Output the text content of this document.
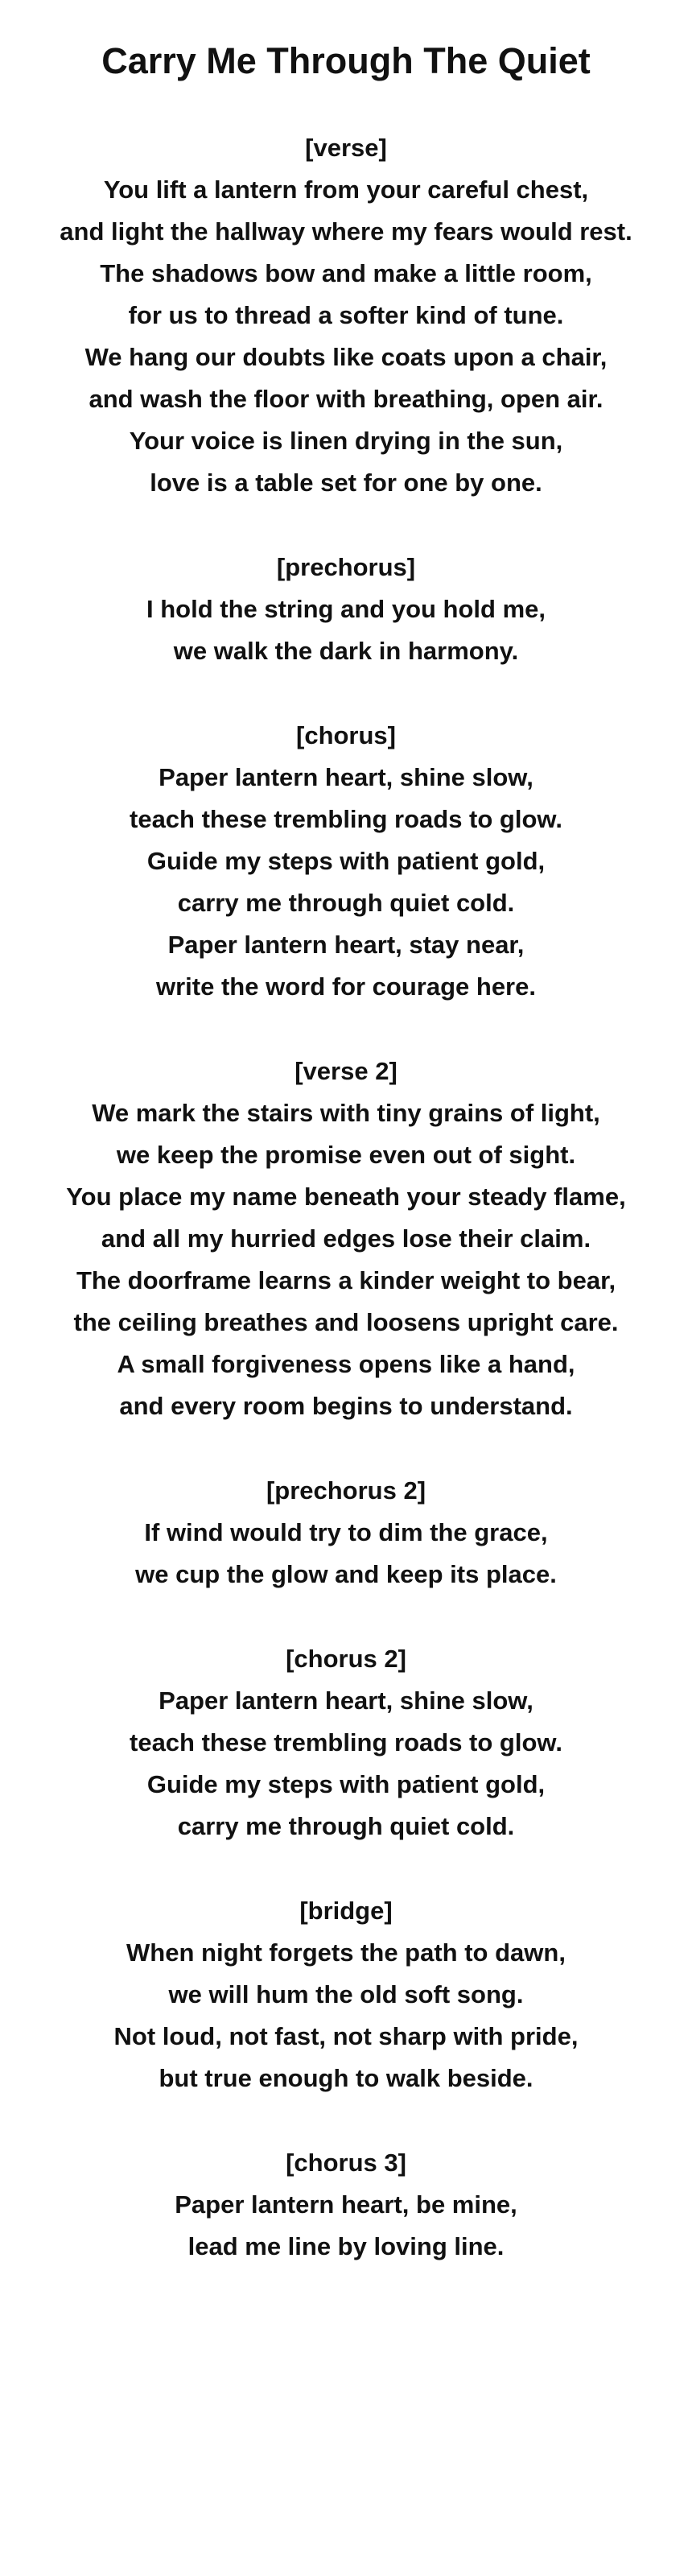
Carry Me Through The Quiet

[verse]

You lift a lantern from your careful chest,

and light the hallway where my fears would rest.

The shadows bow and make a little room,

for us to thread a softer kind of tune.

We hang our doubts like coats upon a chair,

and wash the floor with breathing, open air.

Your voice is linen drying in the sun,

love is a table set for one by one.

[prechorus]

I hold the string and you hold me,

we walk the dark in harmony.

[chorus]

Paper lantern heart, shine slow,

teach these trembling roads to glow.

Guide my steps with patient gold,

carry me through quiet cold.

Paper lantern heart, stay near,

write the word for courage here.

[verse 2]

We mark the stairs with tiny grains of light,

we keep the promise even out of sight.

You place my name beneath your steady flame,

and all my hurried edges lose their claim.

The doorframe learns a kinder weight to bear,

the ceiling breathes and loosens upright care.

A small forgiveness opens like a hand,

and every room begins to understand.

[prechorus 2]

If wind would try to dim the grace,

we cup the glow and keep its place.

[chorus 2]

Paper lantern heart, shine slow,

teach these trembling roads to glow.

Guide my steps with patient gold,

carry me through quiet cold.

[bridge]

When night forgets the path to dawn,

we will hum the old soft song.

Not loud, not fast, not sharp with pride,

but true enough to walk beside.

[chorus 3]

Paper lantern heart, be mine,

lead me line by loving line.
